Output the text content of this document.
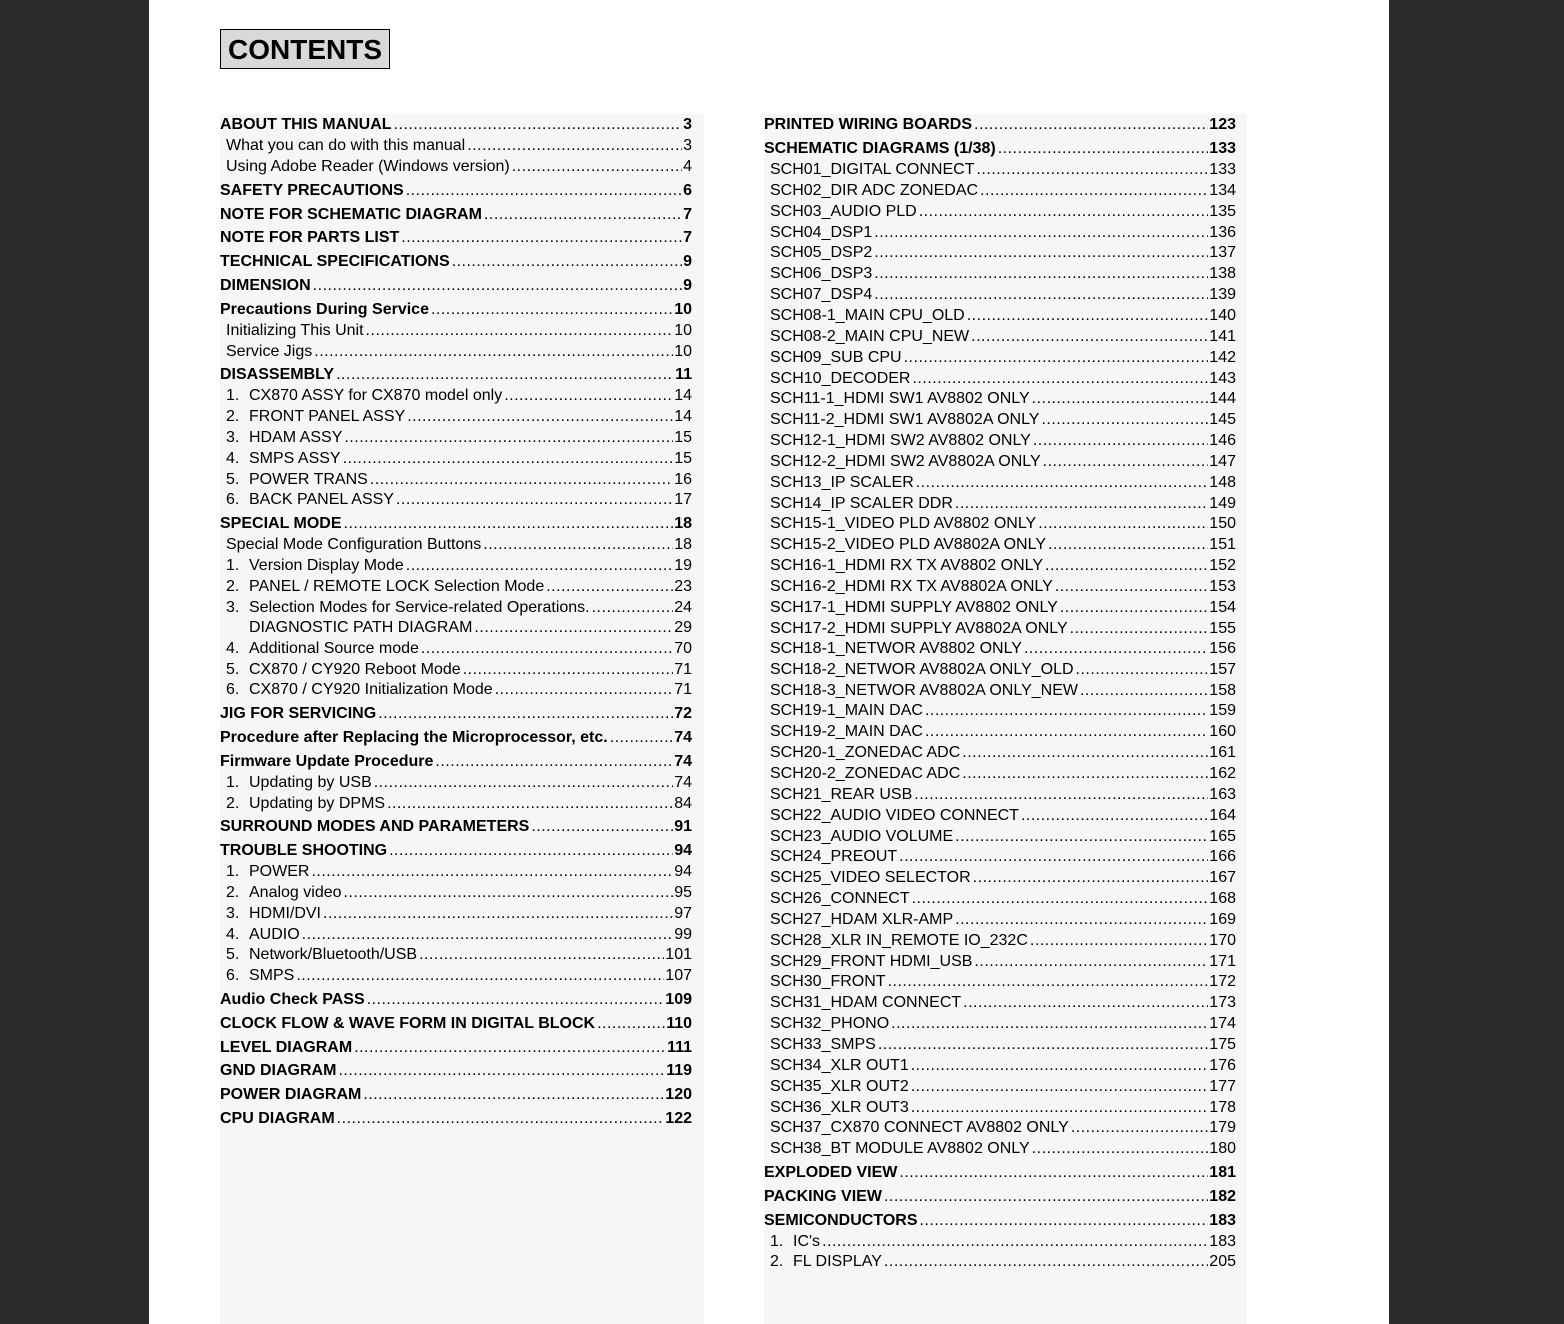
CONTENTS
ABOUT THIS MANUAL .....	3
What you can do with this manual .....	3
Using Adobe Reader (Windows version) .....	4
SAFETY PRECAUTIONS .....	6
NOTE FOR SCHEMATIC DIAGRAM .....	7
NOTE FOR PARTS LIST .....	7
TECHNICAL SPECIFICATIONS .....	9
DIMENSION .....	9
Precautions During Service .....	10
Initializing This Unit .....	10
Service Jigs .....	10
DISASSEMBLY .....	11
1. CX870 ASSY for CX870 model only .....	14
2. FRONT PANEL ASSY .....	14
3. HDAM ASSY .....	15
4. SMPS ASSY .....	15
5. POWER TRANS .....	16
6. BACK PANEL ASSY .....	17
SPECIAL MODE .....	18
Special Mode Configuration Buttons .....	18
1. Version Display Mode .....	19
2. PANEL / REMOTE LOCK Selection Mode .....	23
3. Selection Modes for Service-related Operations. .....	24
DIAGNOSTIC PATH DIAGRAM .....	29
4. Additional Source mode .....	70
5. CX870 / CY920 Reboot Mode .....	71
6. CX870 / CY920 Initialization Mode .....	71
JIG FOR SERVICING .....	72
Procedure after Replacing the Microprocessor, etc. .....	74
Firmware Update Procedure .....	74
1. Updating by USB .....	74
2. Updating by DPMS .....	84
SURROUND MODES AND PARAMETERS .....	91
TROUBLE SHOOTING .....	94
1. POWER .....	94
2. Analog video .....	95
3. HDMI/DVI .....	97
4. AUDIO .....	99
5. Network/Bluetooth/USB .....	101
6. SMPS .....	107
Audio Check PASS .....	109
CLOCK FLOW & WAVE FORM IN DIGITAL BLOCK .....	110
LEVEL DIAGRAM .....	111
GND DIAGRAM .....	119
POWER DIAGRAM .....	120
CPU DIAGRAM .....	122
PRINTED WIRING BOARDS .....	123
SCHEMATIC DIAGRAMS (1/38) .....	133
SCH01_DIGITAL CONNECT .....	133
SCH02_DIR ADC ZONEDAC .....	134
SCH03_AUDIO PLD .....	135
SCH04_DSP1 .....	136
SCH05_DSP2 .....	137
SCH06_DSP3 .....	138
SCH07_DSP4 .....	139
SCH08-1_MAIN CPU_OLD .....	140
SCH08-2_MAIN CPU_NEW .....	141
SCH09_SUB CPU .....	142
SCH10_DECODER .....	143
SCH11-1_HDMI SW1 AV8802 ONLY .....	144
SCH11-2_HDMI SW1 AV8802A ONLY .....	145
SCH12-1_HDMI SW2 AV8802 ONLY .....	146
SCH12-2_HDMI SW2 AV8802A ONLY .....	147
SCH13_IP SCALER .....	148
SCH14_IP SCALER DDR .....	149
SCH15-1_VIDEO PLD AV8802 ONLY .....	150
SCH15-2_VIDEO PLD AV8802A ONLY .....	151
SCH16-1_HDMI RX TX AV8802 ONLY .....	152
SCH16-2_HDMI RX TX AV8802A ONLY .....	153
SCH17-1_HDMI SUPPLY AV8802 ONLY .....	154
SCH17-2_HDMI SUPPLY AV8802A ONLY .....	155
SCH18-1_NETWOR AV8802 ONLY .....	156
SCH18-2_NETWOR AV8802A ONLY_OLD .....	157
SCH18-3_NETWOR AV8802A ONLY_NEW .....	158
SCH19-1_MAIN DAC .....	159
SCH19-2_MAIN DAC .....	160
SCH20-1_ZONEDAC ADC .....	161
SCH20-2_ZONEDAC ADC .....	162
SCH21_REAR USB .....	163
SCH22_AUDIO VIDEO CONNECT .....	164
SCH23_AUDIO VOLUME .....	165
SCH24_PREOUT .....	166
SCH25_VIDEO SELECTOR .....	167
SCH26_CONNECT .....	168
SCH27_HDAM XLR-AMP .....	169
SCH28_XLR IN_REMOTE IO_232C .....	170
SCH29_FRONT HDMI_USB .....	171
SCH30_FRONT .....	172
SCH31_HDAM CONNECT .....	173
SCH32_PHONO .....	174
SCH33_SMPS .....	175
SCH34_XLR OUT1 .....	176
SCH35_XLR OUT2 .....	177
SCH36_XLR OUT3 .....	178
SCH37_CX870 CONNECT AV8802 ONLY .....	179
SCH38_BT MODULE AV8802 ONLY .....	180
EXPLODED VIEW .....	181
PACKING VIEW .....	182
SEMICONDUCTORS .....	183
1. IC's .....	183
2. FL DISPLAY .....	205
